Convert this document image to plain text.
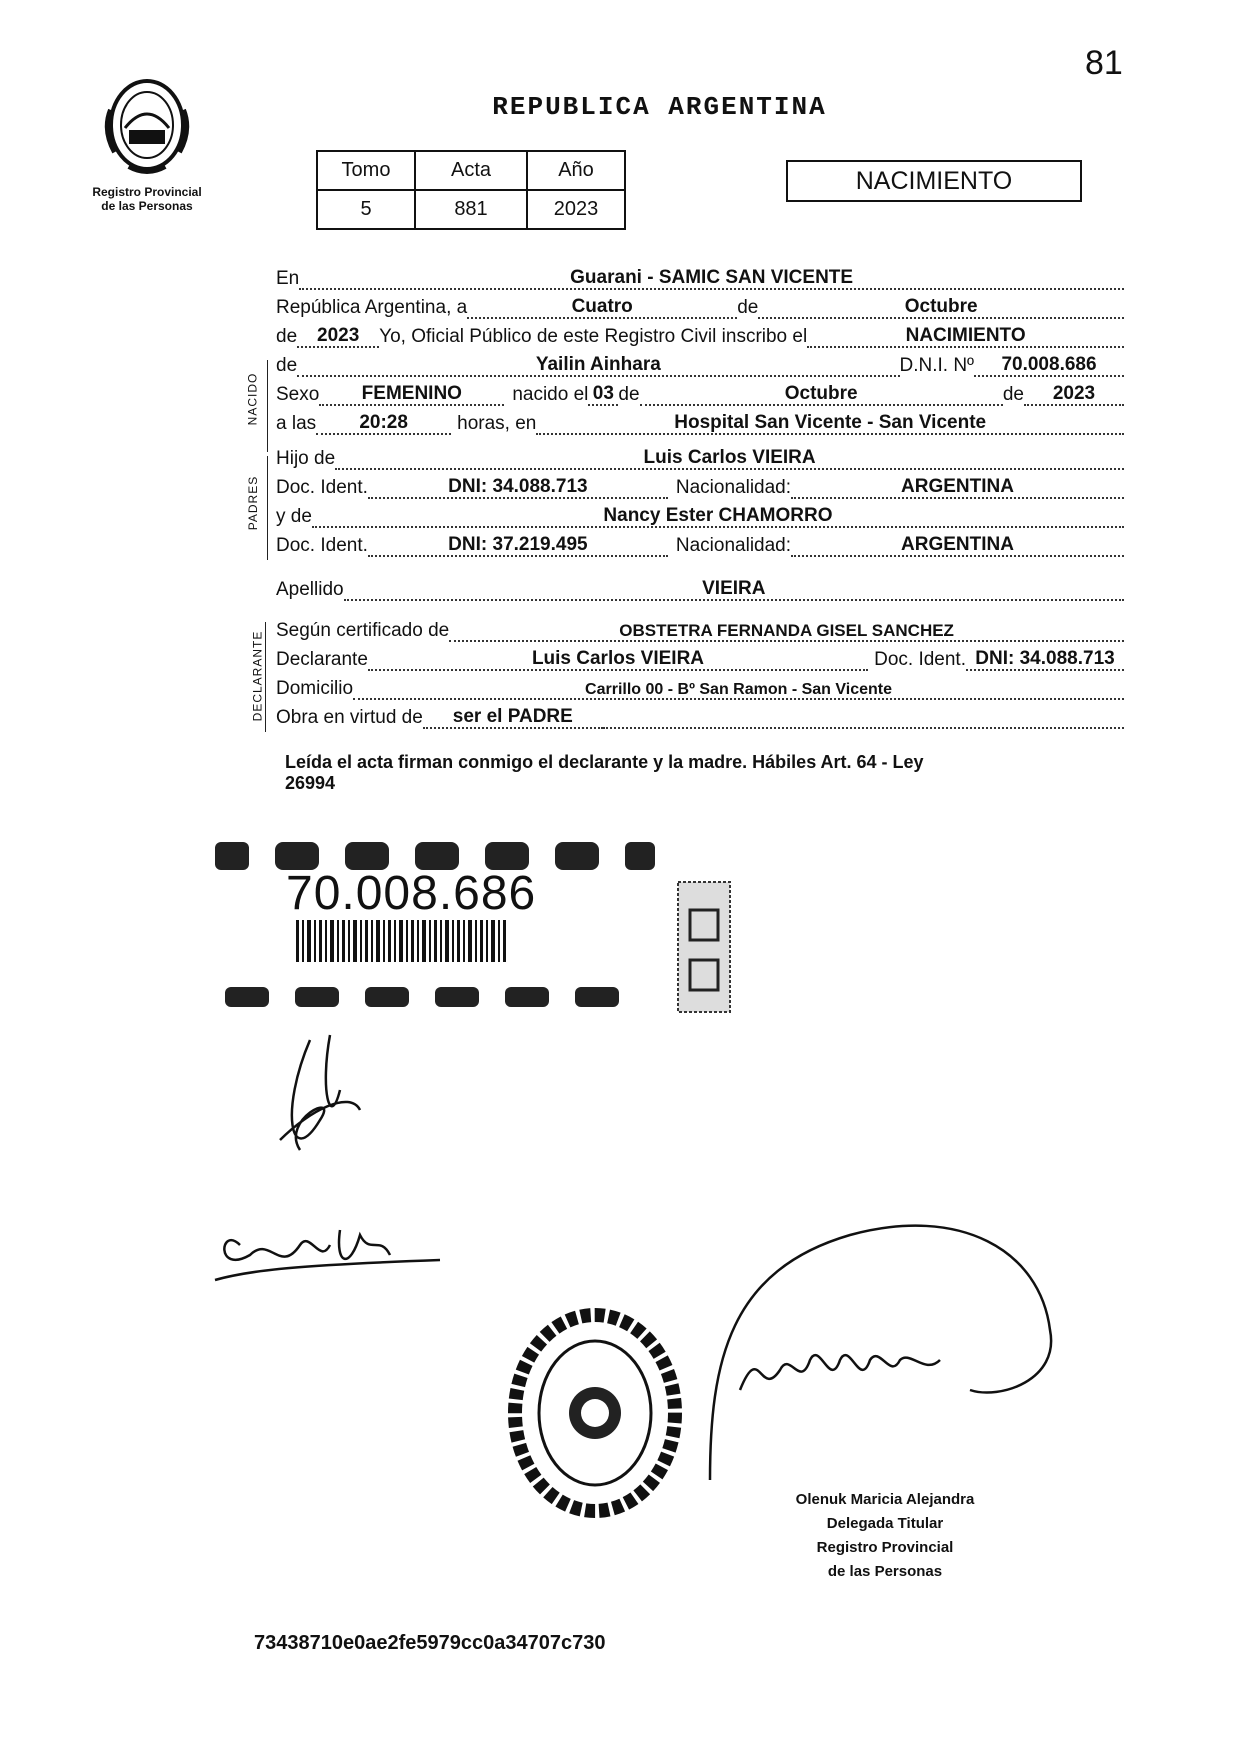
81
Registro Provincial
de las Personas
REPUBLICA ARGENTINA
Tomo	Acta	Año
5	881	2023
NACIMIENTO
NACIDO
PADRES
DECLARANTE
En	Guarani - SAMIC SAN VICENTE
República Argentina, a	Cuatro	de	Octubre
de	2023	Yo, Oficial Público de este Registro Civil inscribo el	NACIMIENTO
de	Yailin Ainhara	D.N.I. Nº	70.008.686
Sexo	FEMENINO	nacido el 03 de	Octubre	de	2023
a las	20:28	horas, en	Hospital San Vicente - San Vicente
Hijo de	Luis Carlos VIEIRA
Doc. Ident.	DNI: 34.088.713	Nacionalidad:	ARGENTINA
y de	Nancy Ester CHAMORRO
Doc. Ident.	DNI: 37.219.495	Nacionalidad:	ARGENTINA
Apellido	VIEIRA
Según certificado de	OBSTETRA FERNANDA GISEL SANCHEZ
Declarante	Luis Carlos VIEIRA	Doc. Ident. DNI: 34.088.713
Domicilio	Carrillo 00 - Bº San Ramon - San Vicente
Obra en virtud de	ser el PADRE
Leída el acta firman conmigo el declarante y la madre. Hábiles Art. 64 - Ley
26994
70.008.686
Olenuk Maricia Alejandra
Delegada Titular
Registro Provincial
de las Personas
73438710e0ae2fe5979cc0a34707c730
